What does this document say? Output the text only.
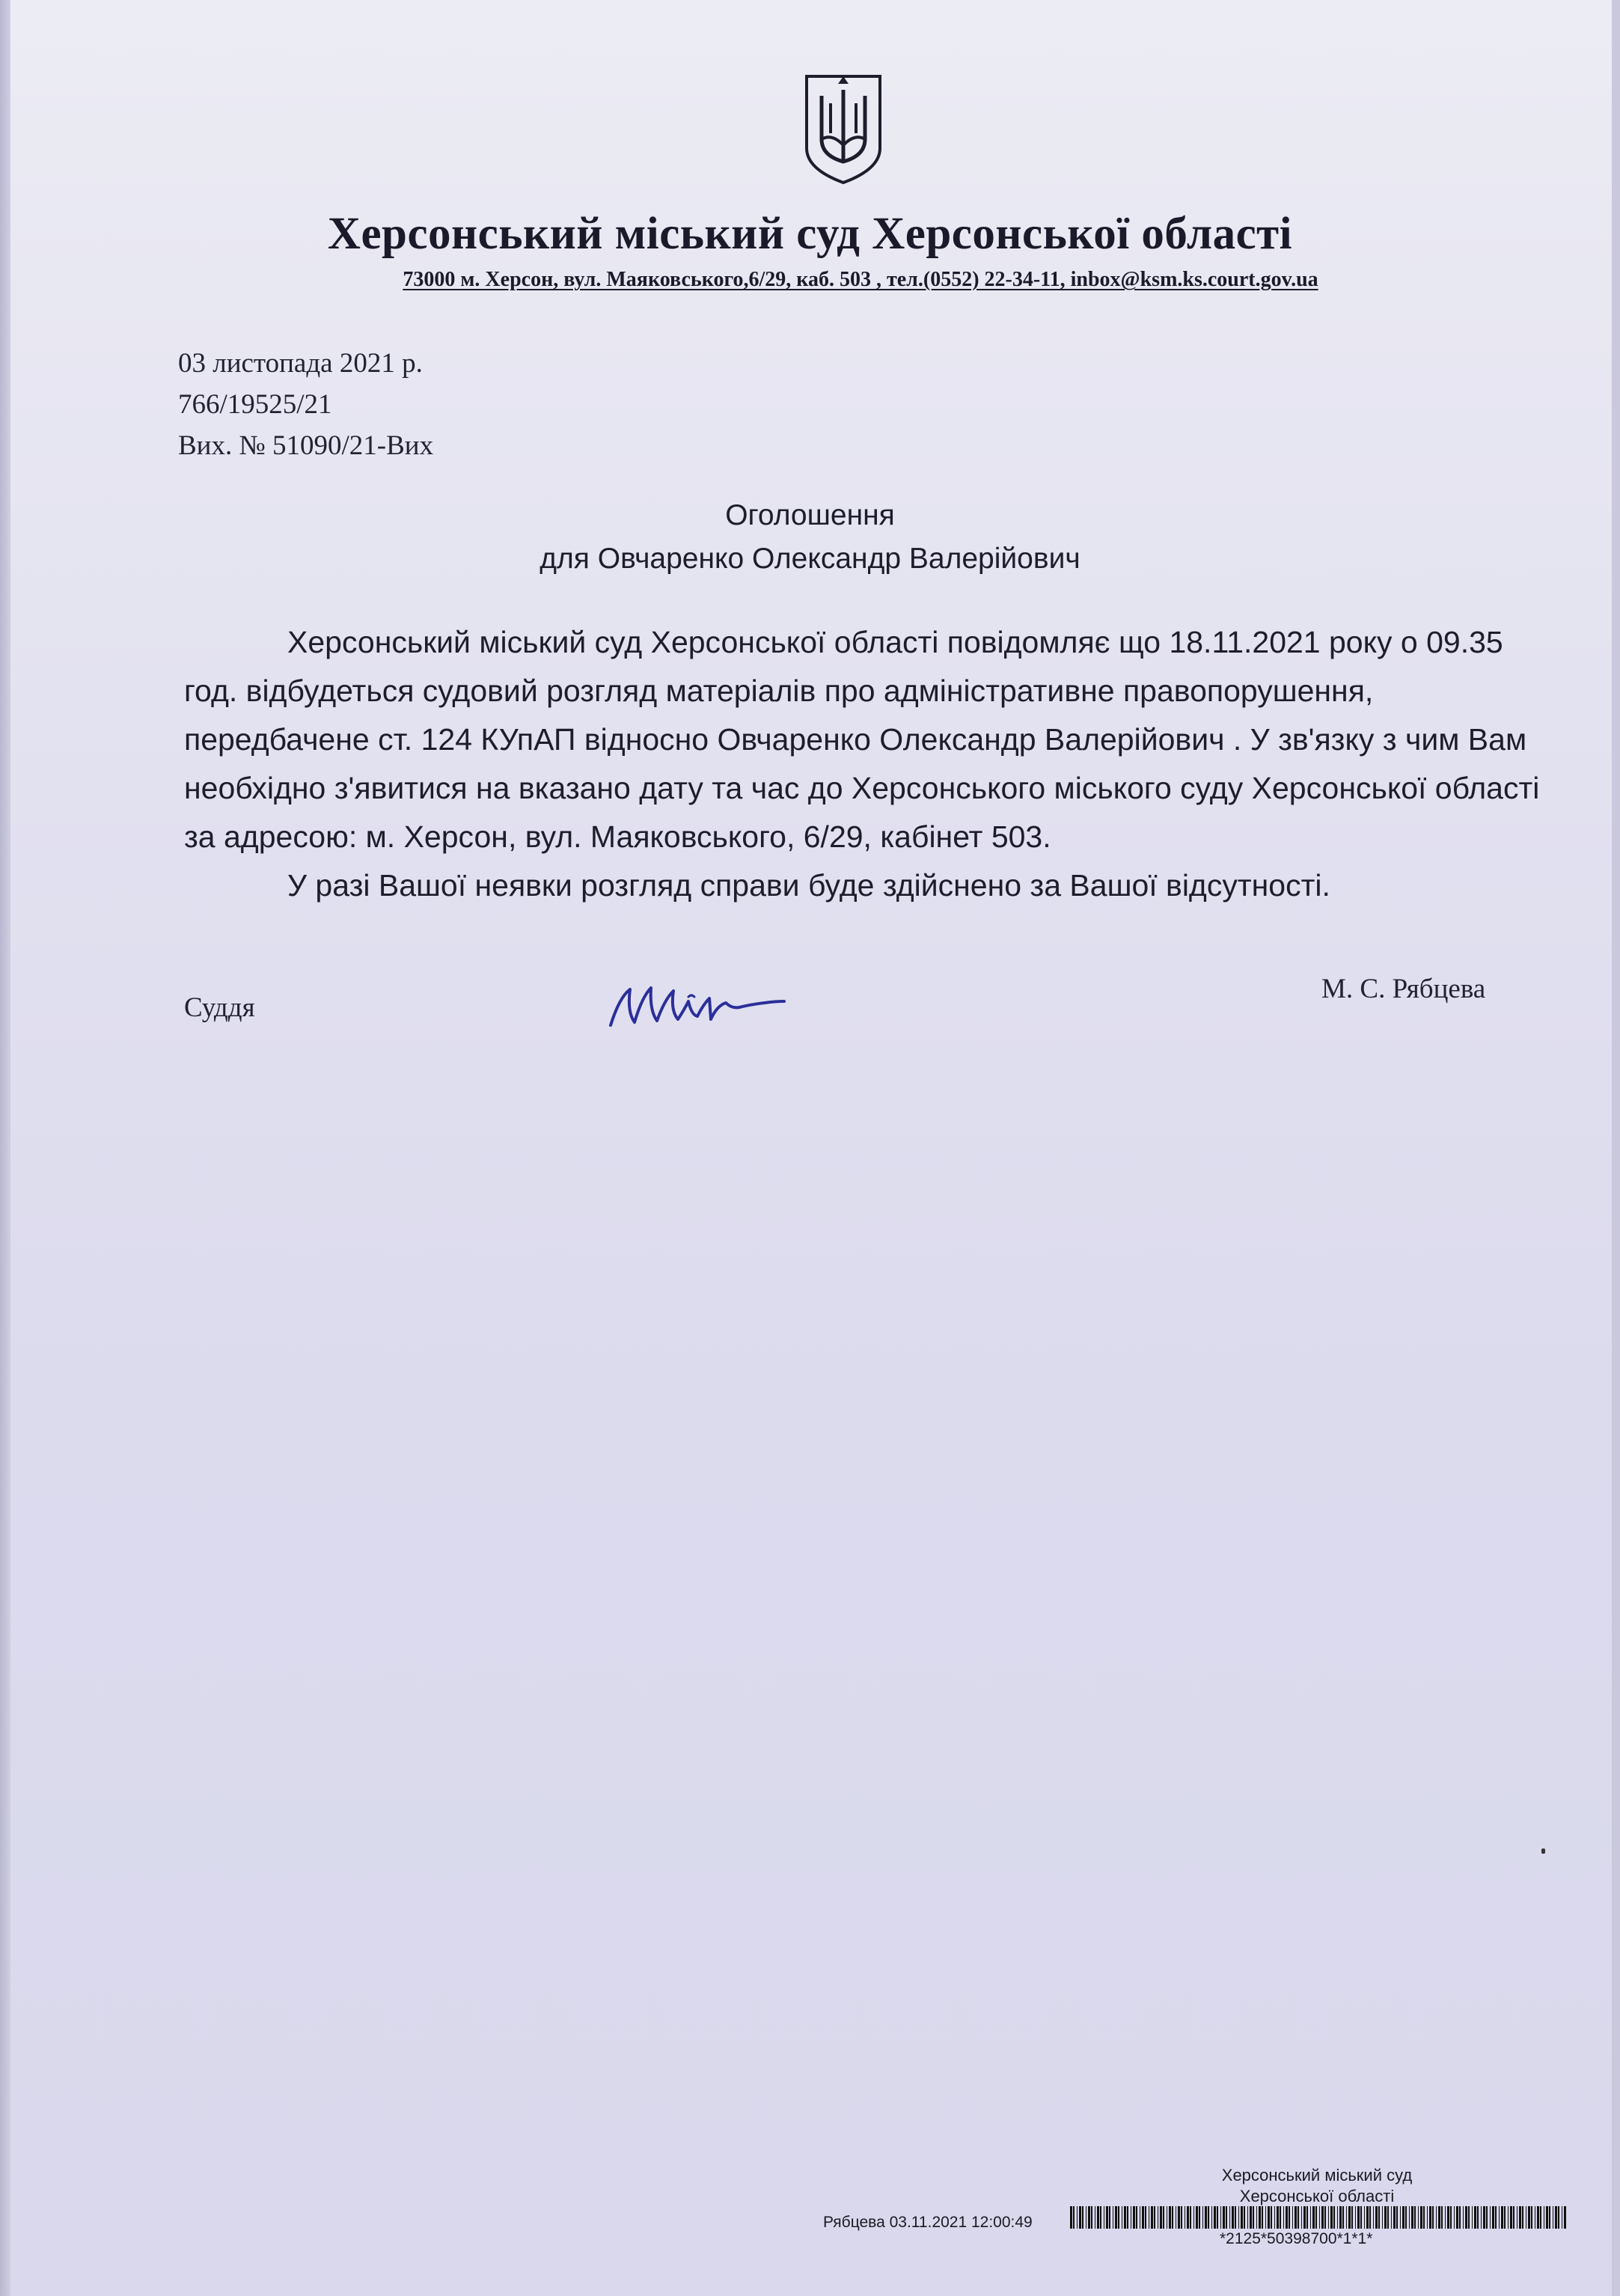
Херсонський міський суд Херсонської області
73000 м. Херсон, вул. Маяковського,6/29, каб. 503 , тел.(0552) 22-34-11, inbox@ksm.ks.court.gov.ua
03 листопада 2021 р.
766/19525/21
Вих. № 51090/21-Вих
Оголошення
для Овчаренко Олександр Валерійович

Херсонський міський суд Херсонської області повідомляє що 18.11.2021 року о 09.35 год. відбудеться судовий розгляд матеріалів про адміністративне правопорушення, передбачене ст. 124 КУпАП відносно Овчаренко Олександр Валерійович . У зв'язку з чим Вам необхідно з'явитися на вказано дату та час до Херсонського міського суду Херсонської області за адресою: м. Херсон, вул. Маяковського, 6/29, кабінет 503.

У разі Вашої неявки розгляд справи буде здійснено за Вашої відсутності.

Суддя
М. С. Рябцева
Херсонський міський суд
Херсонської області
Рябцева 03.11.2021 12:00:49
*2125*50398700*1*1*
